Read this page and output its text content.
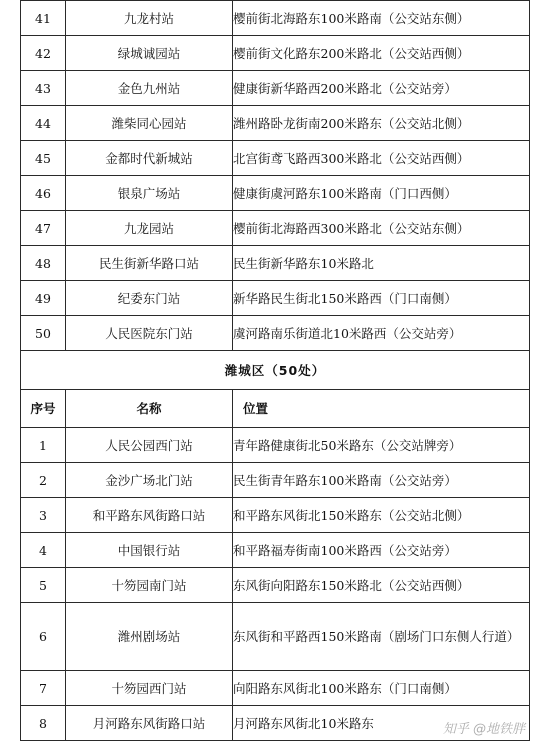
41	九龙村站	樱前街北海路东100米路南（公交站东侧）
42	绿城诚园站	樱前街文化路东200米路北（公交站西侧）
43	金色九州站	健康街新华路西200米路北（公交站旁）
44	潍柴同心园站	潍州路卧龙街南200米路东（公交站北侧）
45	金都时代新城站	北宫街鸢飞路西300米路北（公交站西侧）
46	银泉广场站	健康街虞河路东100米路南（门口西侧）
47	九龙园站	樱前街北海路西300米路北（公交站东侧）
48	民生街新华路口站	民生街新华路东10米路北
49	纪委东门站	新华路民生街北150米路西（门口南侧）
50	人民医院东门站	虞河路南乐街道北10米路西（公交站旁）
潍城区（50处）		
序号	名称	位置
1	人民公园西门站	青年路健康街北50米路东（公交站牌旁）
2	金沙广场北门站	民生街青年路东100米路南（公交站旁）
3	和平路东风街路口站	和平路东风街北150米路东（公交站北侧）
4	中国银行站	和平路福寿街南100米路西（公交站旁）
5	十笏园南门站	东风街向阳路东150米路北（公交站西侧）
6	潍州剧场站	东风街和平路西150米路南（剧场门口东侧人行道）
7	十笏园西门站	向阳路东风街北100米路东（门口南侧）
8	月河路东风街路口站	月河路东风街北10米路东	知乎 @地铁胖
